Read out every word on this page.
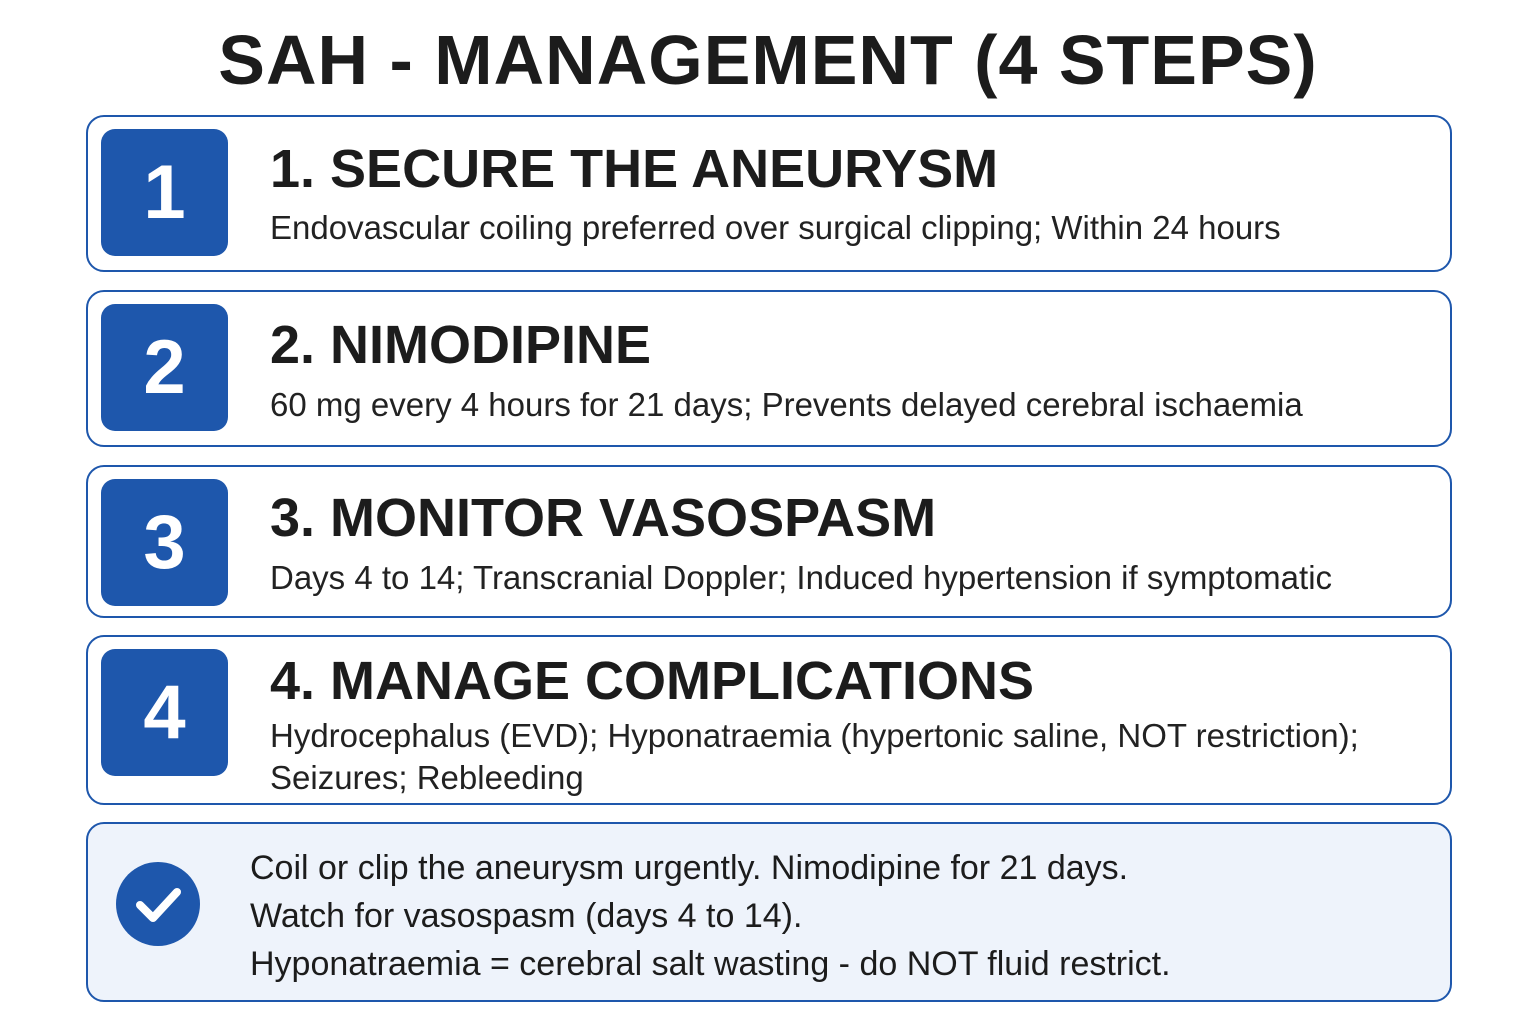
SAH - MANAGEMENT (4 STEPS)
1	1. SECURE THE ANEURYSM
Endovascular coiling preferred over surgical clipping; Within 24 hours
2	2. NIMODIPINE
60 mg every 4 hours for 21 days; Prevents delayed cerebral ischaemia
3	3. MONITOR VASOSPASM
Days 4 to 14; Transcranial Doppler; Induced hypertension if symptomatic
4	4. MANAGE COMPLICATIONS
Hydrocephalus (EVD); Hyponatraemia (hypertonic saline, NOT restriction); Seizures; Rebleeding
Coil or clip the aneurysm urgently. Nimodipine for 21 days.
Watch for vasospasm (days 4 to 14).
Hyponatraemia = cerebral salt wasting - do NOT fluid restrict.
